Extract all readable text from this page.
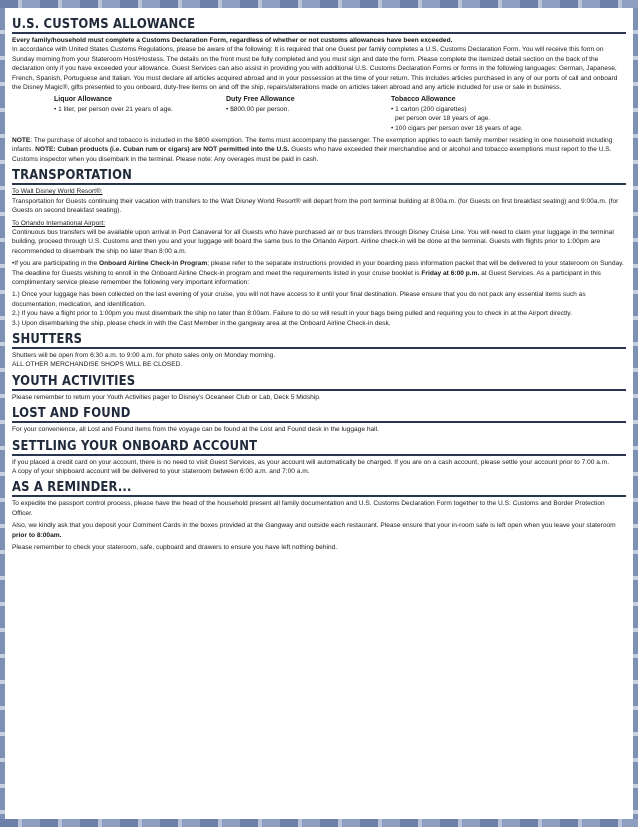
U.S. CUSTOMS ALLOWANCE

Every family/household must complete a Customs Declaration Form, regardless of whether or not customs allowances have been exceeded.

In accordance with United States Customs Regulations, please be aware of the following: It is required that one Guest per family completes a U.S. Customs Declaration Form. You will receive this form on Sunday morning from your Stateroom Host/Hostess. The details on the front must be fully completed and you must sign and date the form. Please complete the itemized detail section on the back of the declaration only if you have exceeded your allowance. Guest Services can also assist in providing you with additional U.S. Customs Declaration Forms or forms in the following languages: German, Japanese, French, Spanish, Portuguese and Italian. You must declare all articles acquired abroad and in your possession at the time of your return. This includes articles purchased in any of our ports of call and onboard the Disney Magic®, gifts presented to you onboard, duty-free items on and off the ship, repairs/alterations made on articles taken abroad and any article included for use or sale in business.

Liquor Allowance
• 1 liter, per person over 21 years of age.
Duty Free Allowance
• $800.00 per person.
Tobacco Allowance
• 1 carton (200 cigarettes)
per person over 18 years of age.
• 100 cigars per person over 18 years of age.

NOTE: The purchase of alcohol and tobacco is included in the $800 exemption. The items must accompany the passenger. The exemption applies to each family member residing in one household including infants. NOTE: Cuban products (i.e. Cuban rum or cigars) are NOT permitted into the U.S. Guests who have exceeded their merchandise and or alcohol and tobacco exemptions must report to the U.S. Customs inspector when you disembark in the terminal. Please note: Any overages must be paid in cash.

TRANSPORTATION
To Walt Disney World Resort®:

Transportation for Guests continuing their vacation with transfers to the Walt Disney World Resort® will depart from the port terminal building at 8:00a.m. (for Guests on first breakfast seating) and 9:00a.m. (for Guests on second breakfast seating).

To Orlando International Airport:

Continuous bus transfers will be available upon arrival in Port Canaveral for all Guests who have purchased air or bus transfers through Disney Cruise Line. You will need to claim your luggage in the terminal building, proceed through U.S. Customs and then you and your luggage will board the same bus to the Orlando Airport. Airline check-in will be done at the terminal. Guests with flights prior to 1:00pm are recommended to disembark the ship no later than 8:00 a.m.

•If you are participating in the Onboard Airline Check-in Program; please refer to the separate instructions provided in your boarding pass information packet that will be delivered to your stateroom on Sunday. The deadline for Guests wishing to enroll in the Onboard Airline Check-in program and meet the requirements listed in your cruise booklet is Friday at 6:00 p.m. at Guest Services. As a participant in this complimentary service please remember the following very important information:

1.) Once your luggage has been collected on the last evening of your cruise, you will not have access to it until your final destination. Please ensure that you do not pack any essential items such as documentation, medication, and identification.

2.) If you have a flight prior to 1:00pm you must disembark the ship no later than 8:00am. Failure to do so will result in your bags being pulled and requiring you to check in at the Airport directly.

3.) Upon disembarking the ship, please check in with the Cast Member in the gangway area at the Onboard Airline Check-in desk.

SHUTTERS

Shutters will be open from 6:30 a.m. to 9:00 a.m. for photo sales only on Monday morning.

ALL OTHER MERCHANDISE SHOPS WILL BE CLOSED.

YOUTH ACTIVITIES

Please remember to return your Youth Activities pager to Disney's Oceaneer Club or Lab, Deck 5 Midship.

LOST AND FOUND

For your convenience, all Lost and Found items from the voyage can be found at the Lost and Found desk in the luggage hall.

SETTLING YOUR ONBOARD ACCOUNT

If you placed a credit card on your account, there is no need to visit Guest Services, as your account will automatically be charged. If you are on a cash account, please settle your account prior to 7:00 a.m.

A copy of your shipboard account will be delivered to your stateroom between 6:00 a.m. and 7:00 a.m.

AS A REMINDER...

To expedite the passport control process, please have the head of the household present all family documentation and U.S. Customs Declaration Form together to the U.S. Customs and Border Protection Officer.

Also, we kindly ask that you deposit your Comment Cards in the boxes provided at the Gangway and outside each restaurant. Please ensure that your in-room safe is left open when you leave your stateroom prior to 8:00am.

Please remember to check your stateroom, safe, cupboard and drawers to ensure you have left nothing behind.
